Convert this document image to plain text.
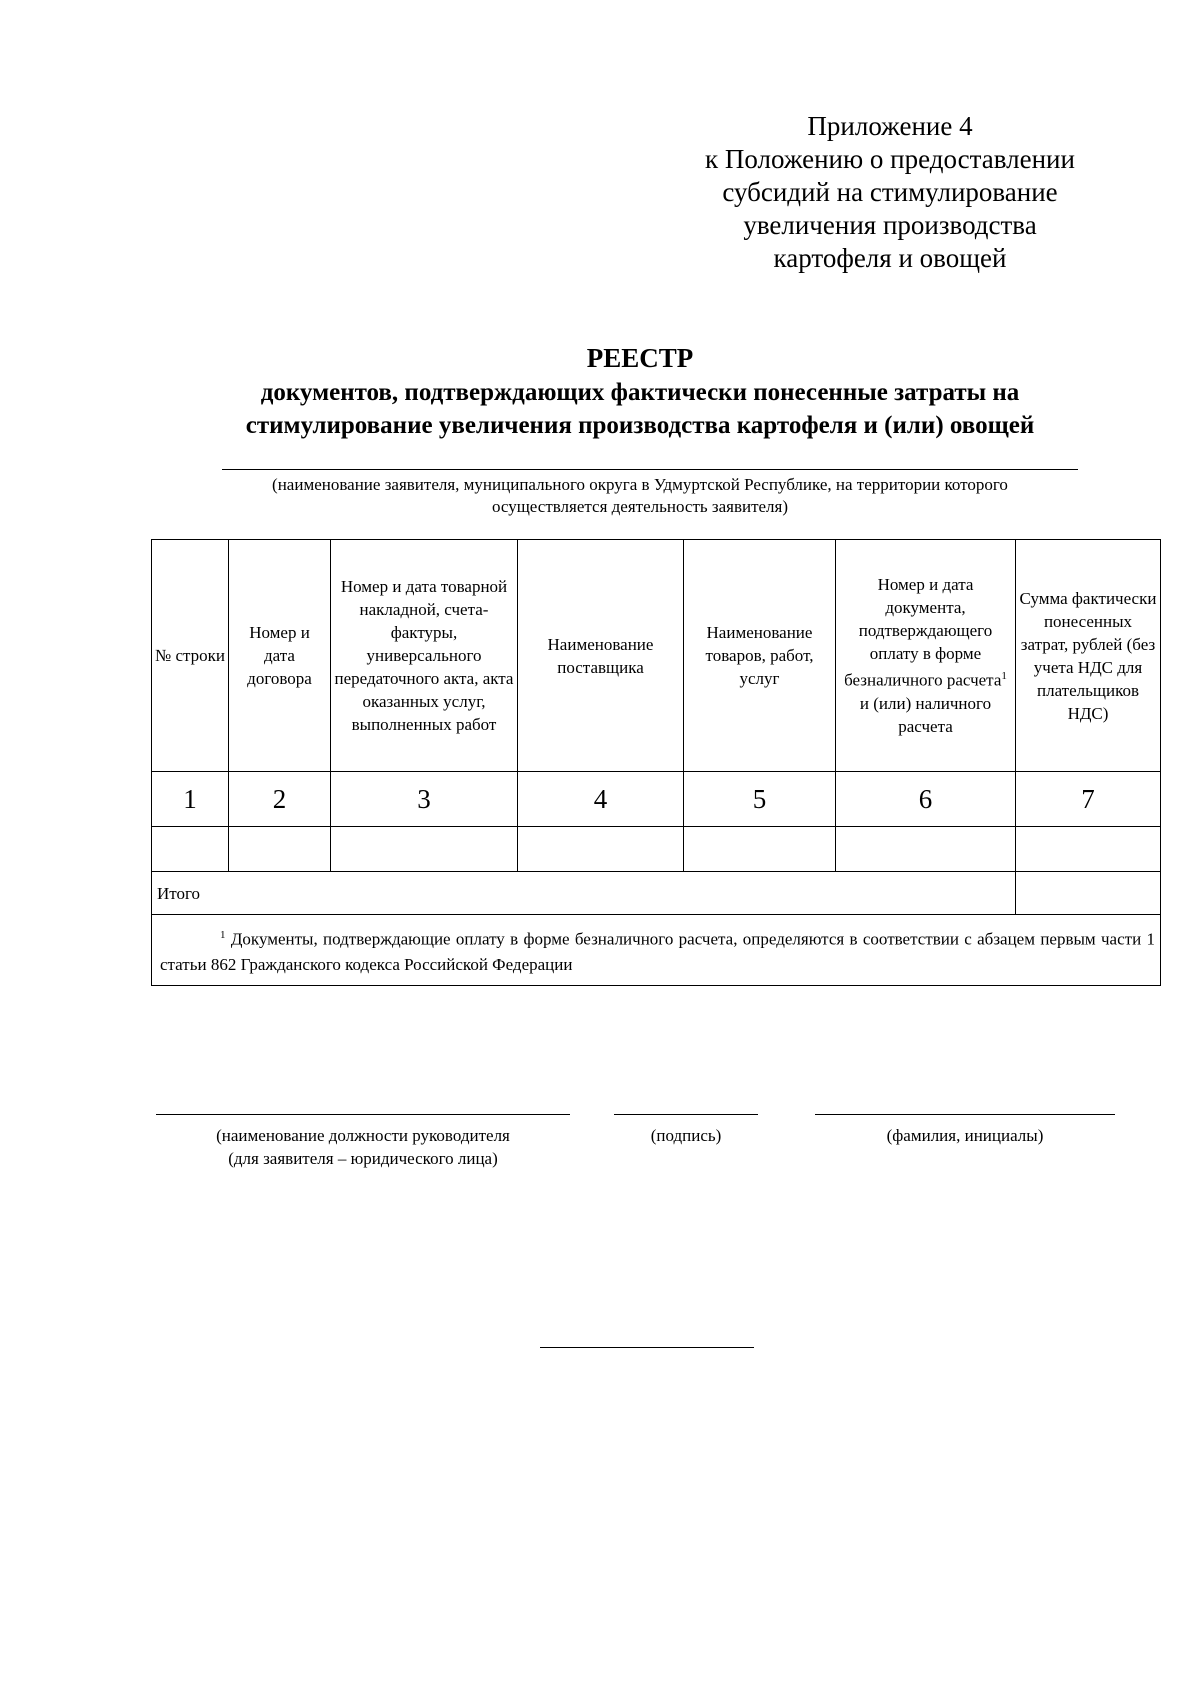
Приложение 4
к Положению о предоставлении
субсидий на стимулирование
увеличения производства
картофеля и овощей
РЕЕСТР
документов, подтверждающих фактически понесенные затраты на
стимулирование увеличения производства картофеля и (или) овощей
(наименование заявителя, муниципального округа в Удмуртской Республике, на территории которого
осуществляется деятельность заявителя)
№ строки	Номер и дата договора	Номер и дата товарной накладной, счета-фактуры, универсального передаточного акта, акта оказанных услуг, выполненных работ	Наименование поставщика	Наименование товаров, работ, услуг	Номер и дата документа, подтверждающего оплату в форме безналичного расчета$^1$ и (или) наличного расчета	Сумма фактически понесенных затрат, рублей (без учета НДС для плательщиков НДС)
1	2	3	4	5	6	7

Итого						
$^1$ Документы, подтверждающие оплату в форме безналичного расчета, определяются в соответствии с абзацем первым части 1 статьи 862 Гражданского кодекса Российской Федерации						
(наименование должности руководителя
(для заявителя – юридического лица)
(подпись)	(фамилия, инициалы)
